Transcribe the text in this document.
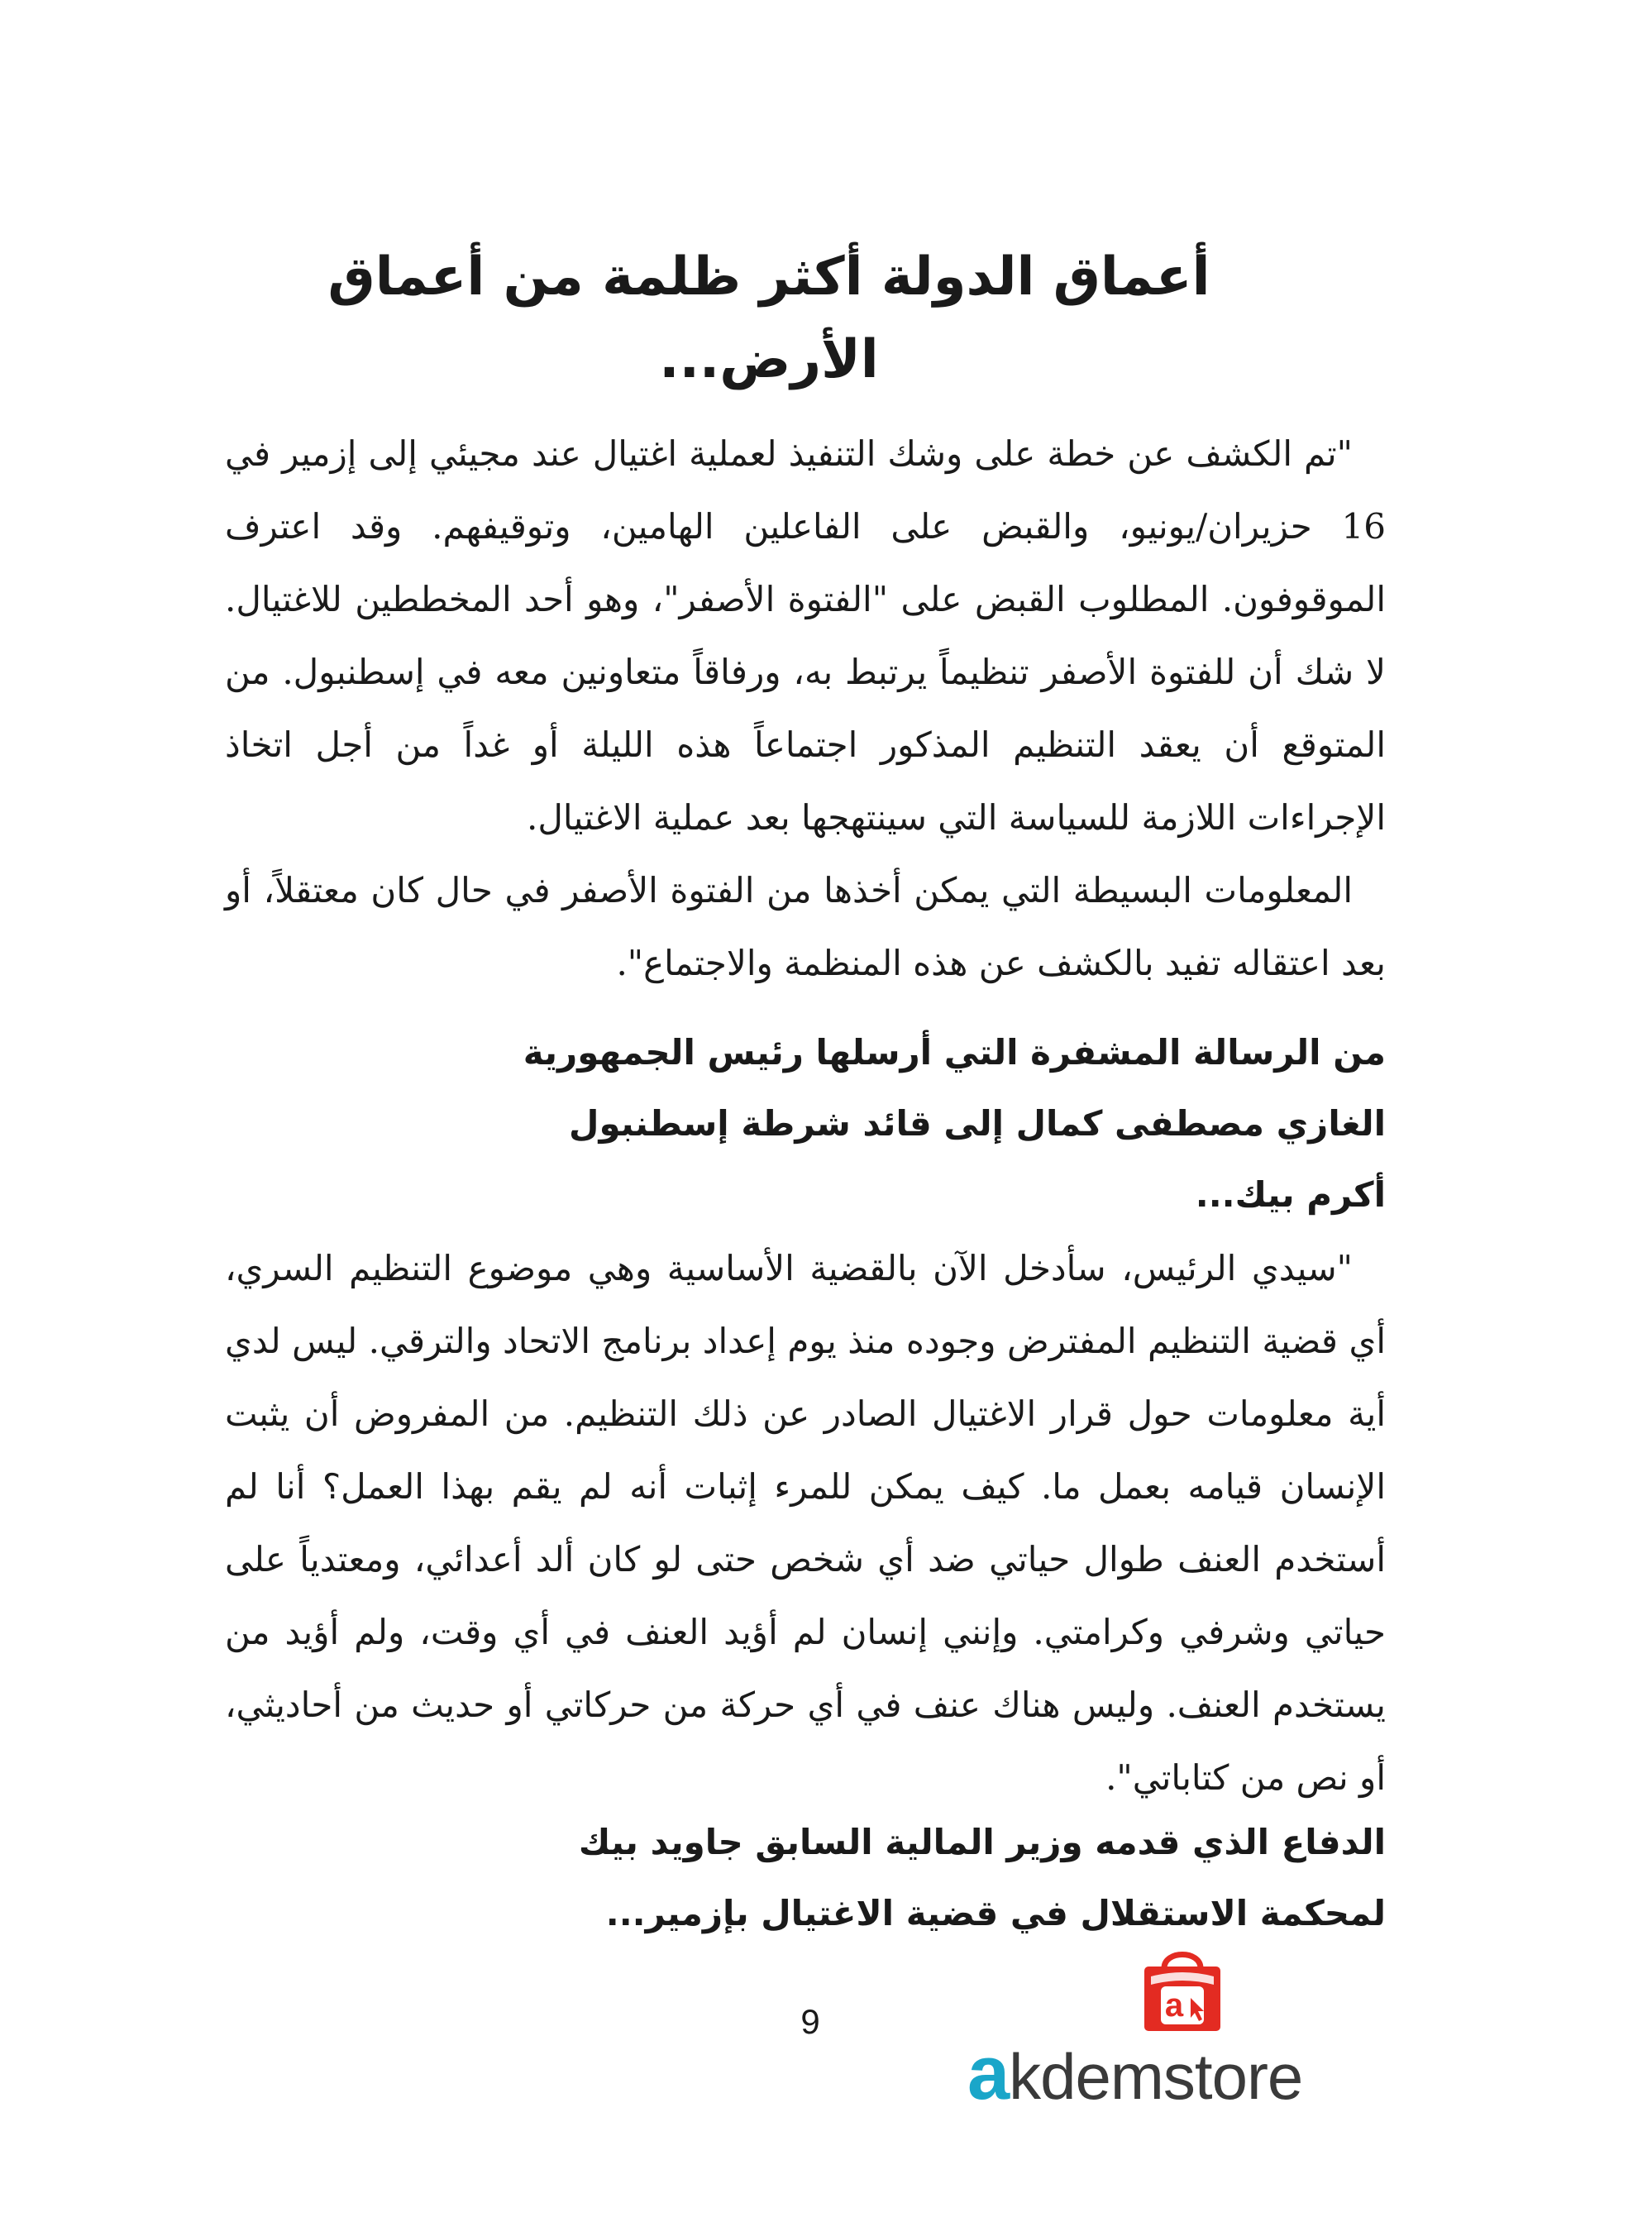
أعماق الدولة أكثر ظلمة من أعماق الأرض...

"تم الكشف عن خطة على وشك التنفيذ لعملية اغتيال عند مجيئي إلى إزمير في 16 حزيران/يونيو، والقبض على الفاعلين الهامين، وتوقيفهم. وقد اعترف الموقوفون. المطلوب القبض على "الفتوة الأصفر"، وهو أحد المخططين للاغتيال. لا شك أن للفتوة الأصفر تنظيماً يرتبط به، ورفاقاً متعاونين معه في إسطنبول. من المتوقع أن يعقد التنظيم المذكور اجتماعاً هذه الليلة أو غداً من أجل اتخاذ الإجراءات اللازمة للسياسة التي سينتهجها بعد عملية الاغتيال.

المعلومات البسيطة التي يمكن أخذها من الفتوة الأصفر في حال كان معتقلاً، أو بعد اعتقاله تفيد بالكشف عن هذه المنظمة والاجتماع".

من الرسالة المشفرة التي أرسلها رئيس الجمهورية
الغازي مصطفى كمال إلى قائد شرطة إسطنبول
أكرم بيك...

"سيدي الرئيس، سأدخل الآن بالقضية الأساسية وهي موضوع التنظيم السري، أي قضية التنظيم المفترض وجوده منذ يوم إعداد برنامج الاتحاد والترقي. ليس لدي أية معلومات حول قرار الاغتيال الصادر عن ذلك التنظيم. من المفروض أن يثبت الإنسان قيامه بعمل ما. كيف يمكن للمرء إثبات أنه لم يقم بهذا العمل؟ أنا لم أستخدم العنف طوال حياتي ضد أي شخص حتى لو كان ألد أعدائي، ومعتدياً على حياتي وشرفي وكرامتي. وإنني إنسان لم أؤيد العنف في أي وقت، ولم أؤيد من يستخدم العنف. وليس هناك عنف في أي حركة من حركاتي أو حديث من أحاديثي، أو نص من كتاباتي".

الدفاع الذي قدمه وزير المالية السابق جاويد بيك
لمحكمة الاستقلال في قضية الاغتيال بإزمير...
9	a
akdemstore
